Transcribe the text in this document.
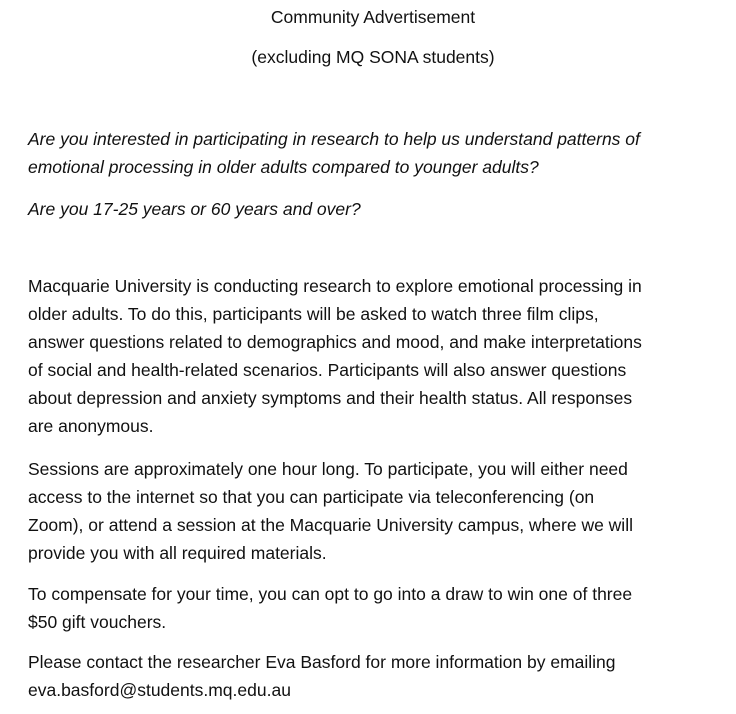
Community Advertisement

(excluding MQ SONA students)

Are you interested in participating in research to help us understand patterns of
emotional processing in older adults compared to younger adults?

Are you 17-25 years or 60 years and over?

Macquarie University is conducting research to explore emotional processing in
older adults. To do this, participants will be asked to watch three film clips,
answer questions related to demographics and mood, and make interpretations
of social and health-related scenarios. Participants will also answer questions
about depression and anxiety symptoms and their health status. All responses
are anonymous.

Sessions are approximately one hour long. To participate, you will either need
access to the internet so that you can participate via teleconferencing (on
Zoom), or attend a session at the Macquarie University campus, where we will
provide you with all required materials.

To compensate for your time, you can opt to go into a draw to win one of three
$50 gift vouchers.

Please contact the researcher Eva Basford for more information by emailing
eva.basford@students.mq.edu.au
